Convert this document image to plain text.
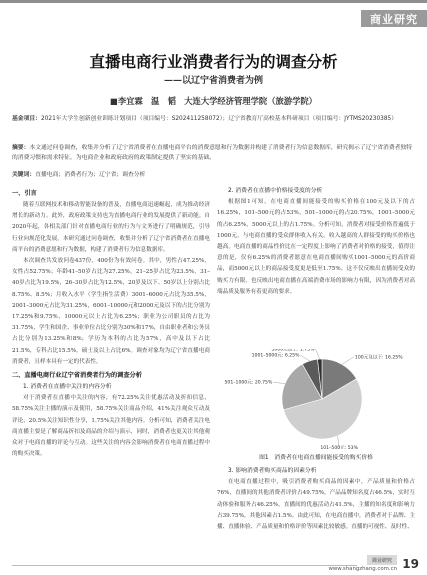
商业研究
直播电商行业消费者行为的调查分析
——以辽宁省消费者为例
■李宜霖　温　韬　大连大学经济管理学院（旅游学院）
基金项目：2021年大学生创新创业训练计划项目（项目编号：S202411258072）；辽宁省教育厅高校基本科研项目（项目编号：JYTMS20230385）
摘要：本文通过问卷调查，收集并分析了辽宁省消费者在直播电商平台的消费意愿和行为数据并构建了消费者行为信息数据库，研究揭示了辽宁省消费者独特的消费习惯和需求特征，为电商企业和政府政府的政策制定提供了坚实的基础。
关键词：直播电商；消费者行为；辽宁省；调查分析
一、引言

随着互联网技术和移动智能设备的普及，直播电商迅速崛起，成为推动经济增长的新动力。此外，政府政策支持也为直播电商行业的发展提供了新动能。自2020年起，各相关部门针对直播电商行业的行为与文务进行了明确规范，引导行业向规范化发展。本研究通过问卷调查，收集并分析了辽宁省消费者在直播电商平台的消费意愿和行为数据，构建了消费者行为信息数据库。

本次调查共发放问卷437份，400份为有效问卷。其中，男性占47.25%，女性占52.75%；年龄41–50岁占比为27.25%，21–25岁占比为23.5%，31–40岁占比为19.5%，26–30岁占比为12.5%，20岁及以下、50岁以上分别占比8.75%、8.5%；月收入水平（学生指生活费）3001–6000元占比为35.5%，2001–3000元占比为31.25%，6001–10000元和2000元及以下的占比分别为17.25%和9.75%，10000元以上占比为6.25%；职业为公司职员的占比为31.75%，学生和国企、事业单位占比分别为30%和17%，自由职业者和公务员占比分别为13.25%和8%；学历为本科的占比为57%，高中及以下占比21.5%，专科占比15.5%，硕士及以上占比6%。调查对象均为辽宁省直播电商消费者，且样本具有一定的代表性。

二、直播电商行业辽宁省消费者行为的调查分析
1. 消费者在直播中关注的内容分析

对于消费者在直播中关注的内容，有72.25%关注优惠活动及折扣信息，58.75%关注主播的演示及使用，58.75%关注商品介绍，41%关注观众互动及评论，20.5%关注知识性分享，1.75%关注其他内容。分析可知，消费者关注电商直播主要是了解商品折扣及商品的介绍与演示，同时，消费者也更关注其他观众对于电商直播的评论与互动。这些关注的内容会影响消费者在电商直播过程中的购买决策。

2. 消费者在直播中价格接受度的分析

根据图1可知，在电商直播间能接受的购买价格在100元及以下的占16.25%，101–500元的占53%，501–1000元的占20.75%，1001–5000元的占6.25%，5000元以上的占1.75%。分析可知，消费者对接受价格普遍低于1000元，与电商直播的受众群体收入有关。收入越高的人群接受的购买价格也越高。电商直播的商品性价比在一定程度上影响了消费者对价格的接受，值得注意的是，仅有6.25%的消费者愿意在电商直播间购买1001–5000元的高价商品，而5000元以上的商品接受度更是低至1.75%。这不仅反映出直播间受众的购买力有限，也反映出电商直播在高端消费市场的影响力有限，因为消费者对高端品质及服务有着更高的要求。

100元及以下: 16.25%
101–500元: 53%
501–1000元: 20.75%
1001–5000元: 6.25%
5000元以上: 1.75%
图1　消费者在电商直播间能接受的购买价格
3. 影响消费者购买商品的因素分析

在电商直播过程中，吸引消费者购买商品的因素中，产品质量和价格占76%，直播间的其他消费者评价占49.75%，产品品牌知名度占46.5%，实时互动体验和服务占46.25%，直播间的优惠活动占41.5%，主播的知名度和影响力占39.75%，其他因素占1.5%。由此可知，在电商直播中，消费者对于品牌、主播、直播体验、产品质量和价格评价等因素比较敏感。直播的可视性、及时性、

商业研究
www.shangzhang.com.cn 19
